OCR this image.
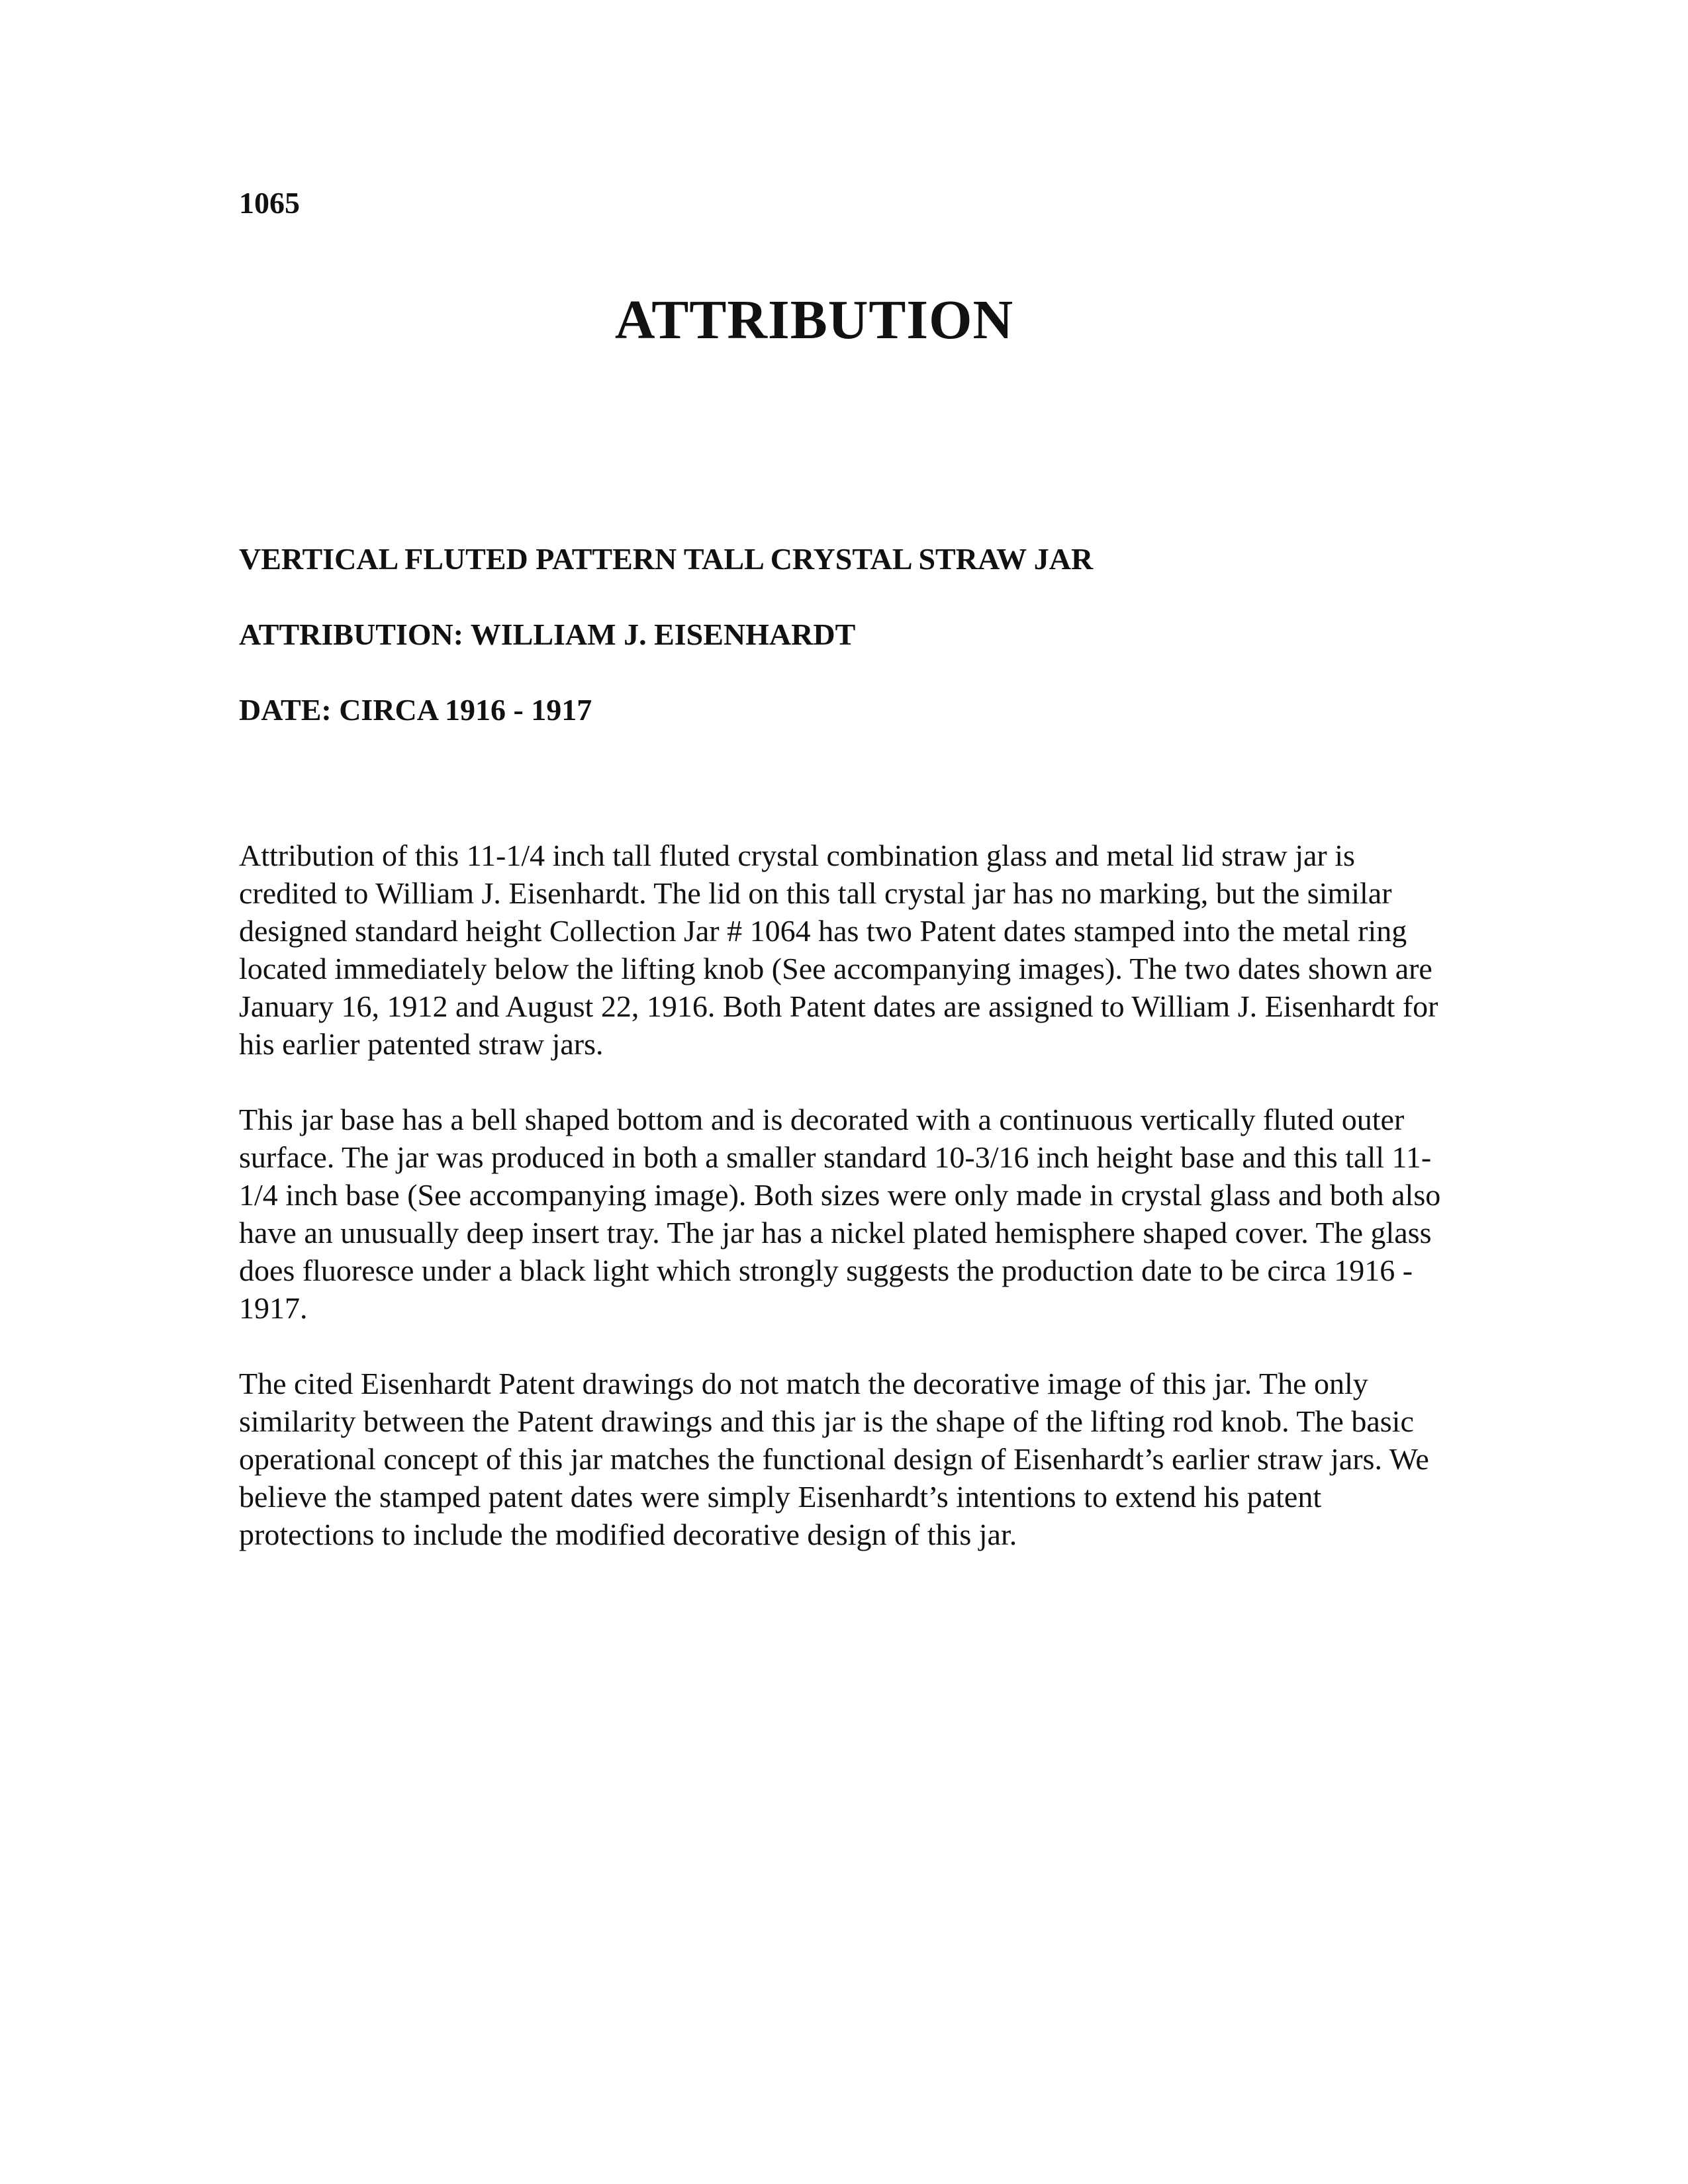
1065
ATTRIBUTION
VERTICAL FLUTED PATTERN TALL CRYSTAL STRAW JAR
ATTRIBUTION: WILLIAM J. EISENHARDT
DATE: CIRCA 1916 - 1917

Attribution of this 11-1/4 inch tall fluted crystal combination glass and metal lid straw jar is credited to William J. Eisenhardt. The lid on this tall crystal jar has no marking, but the similar designed standard height Collection Jar # 1064 has two Patent dates stamped into the metal ring located immediately below the lifting knob (See accompanying images). The two dates shown are January 16, 1912 and August 22, 1916. Both Patent dates are assigned to William J. Eisenhardt for his earlier patented straw jars.

This jar base has a bell shaped bottom and is decorated with a continuous vertically fluted outer surface. The jar was produced in both a smaller standard 10-3/16 inch height base and this tall 11-1/4 inch base (See accompanying image). Both sizes were only made in crystal glass and both also have an unusually deep insert tray. The jar has a nickel plated hemisphere shaped cover. The glass does fluoresce under a black light which strongly suggests the production date to be circa 1916 - 1917.

The cited Eisenhardt Patent drawings do not match the decorative image of this jar. The only similarity between the Patent drawings and this jar is the shape of the lifting rod knob. The basic operational concept of this jar matches the functional design of Eisenhardt’s earlier straw jars. We believe the stamped patent dates were simply Eisenhardt’s intentions to extend his patent protections to include the modified decorative design of this jar.
